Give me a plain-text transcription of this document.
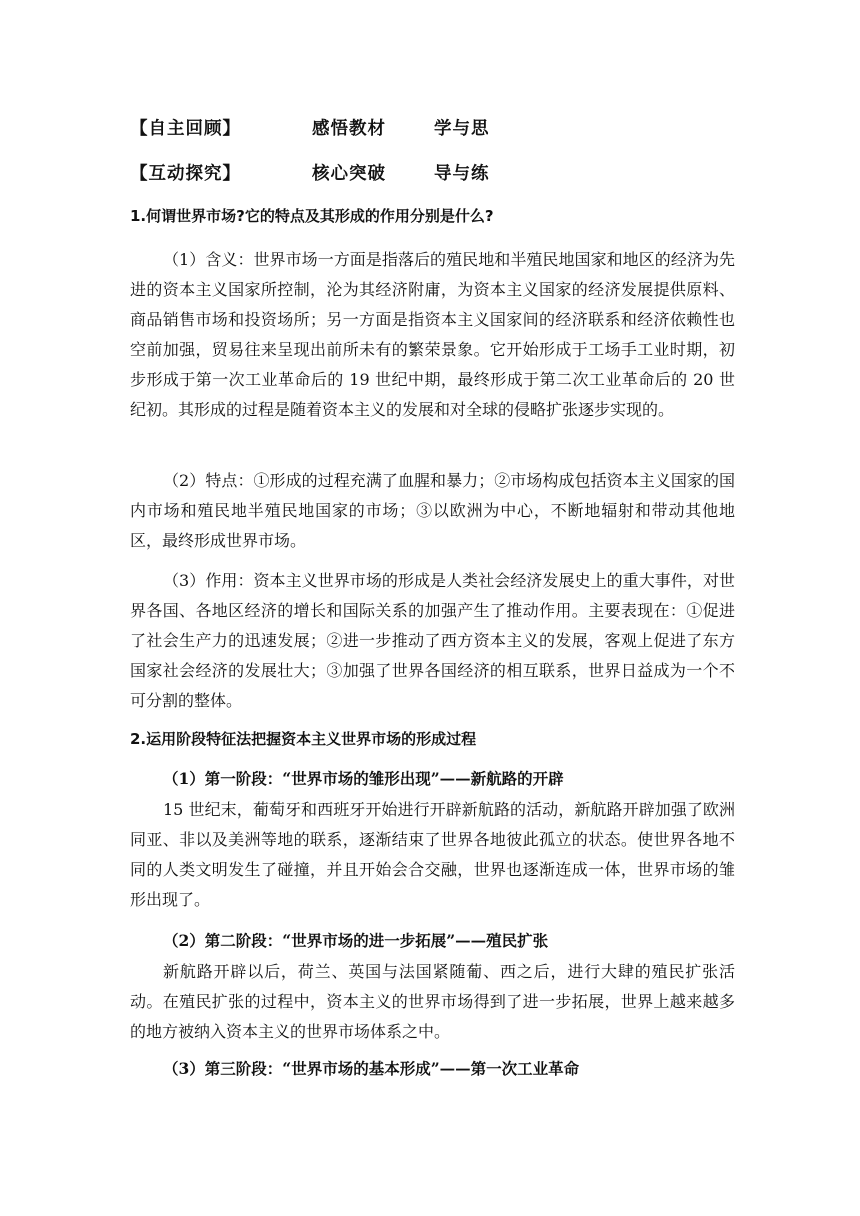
【自主回顾】	感悟教材	学与思
【互动探究】	核心突破	导与练
1.何谓世界市场?它的特点及其形成的作用分别是什么?
（1）含义：世界市场一方面是指落后的殖民地和半殖民地国家和地区的经济为先进的资本主义国家所控制，沦为其经济附庸，为资本主义国家的经济发展提供原料、商品销售市场和投资场所；另一方面是指资本主义国家间的经济联系和经济依赖性也空前加强，贸易往来呈现出前所未有的繁荣景象。它开始形成于工场手工业时期，初步形成于第一次工业革命后的 19 世纪中期，最终形成于第二次工业革命后的 20 世纪初。其形成的过程是随着资本主义的发展和对全球的侵略扩张逐步实现的。
（2）特点：①形成的过程充满了血腥和暴力；②市场构成包括资本主义国家的国内市场和殖民地半殖民地国家的市场；③以欧洲为中心，不断地辐射和带动其他地区，最终形成世界市场。
（3）作用：资本主义世界市场的形成是人类社会经济发展史上的重大事件，对世界各国、各地区经济的增长和国际关系的加强产生了推动作用。主要表现在：①促进了社会生产力的迅速发展；②进一步推动了西方资本主义的发展，客观上促进了东方国家社会经济的发展壮大；③加强了世界各国经济的相互联系，世界日益成为一个不可分割的整体。
2.运用阶段特征法把握资本主义世界市场的形成过程
（1）第一阶段：“世界市场的雏形出现”——新航路的开辟
15 世纪末，葡萄牙和西班牙开始进行开辟新航路的活动，新航路开辟加强了欧洲同亚、非以及美洲等地的联系，逐渐结束了世界各地彼此孤立的状态。使世界各地不同的人类文明发生了碰撞，并且开始会合交融，世界也逐渐连成一体，世界市场的雏形出现了。
（2）第二阶段：“世界市场的进一步拓展”——殖民扩张
新航路开辟以后，荷兰、英国与法国紧随葡、西之后，进行大肆的殖民扩张活动。在殖民扩张的过程中，资本主义的世界市场得到了进一步拓展，世界上越来越多的地方被纳入资本主义的世界市场体系之中。
（3）第三阶段：“世界市场的基本形成”——第一次工业革命
